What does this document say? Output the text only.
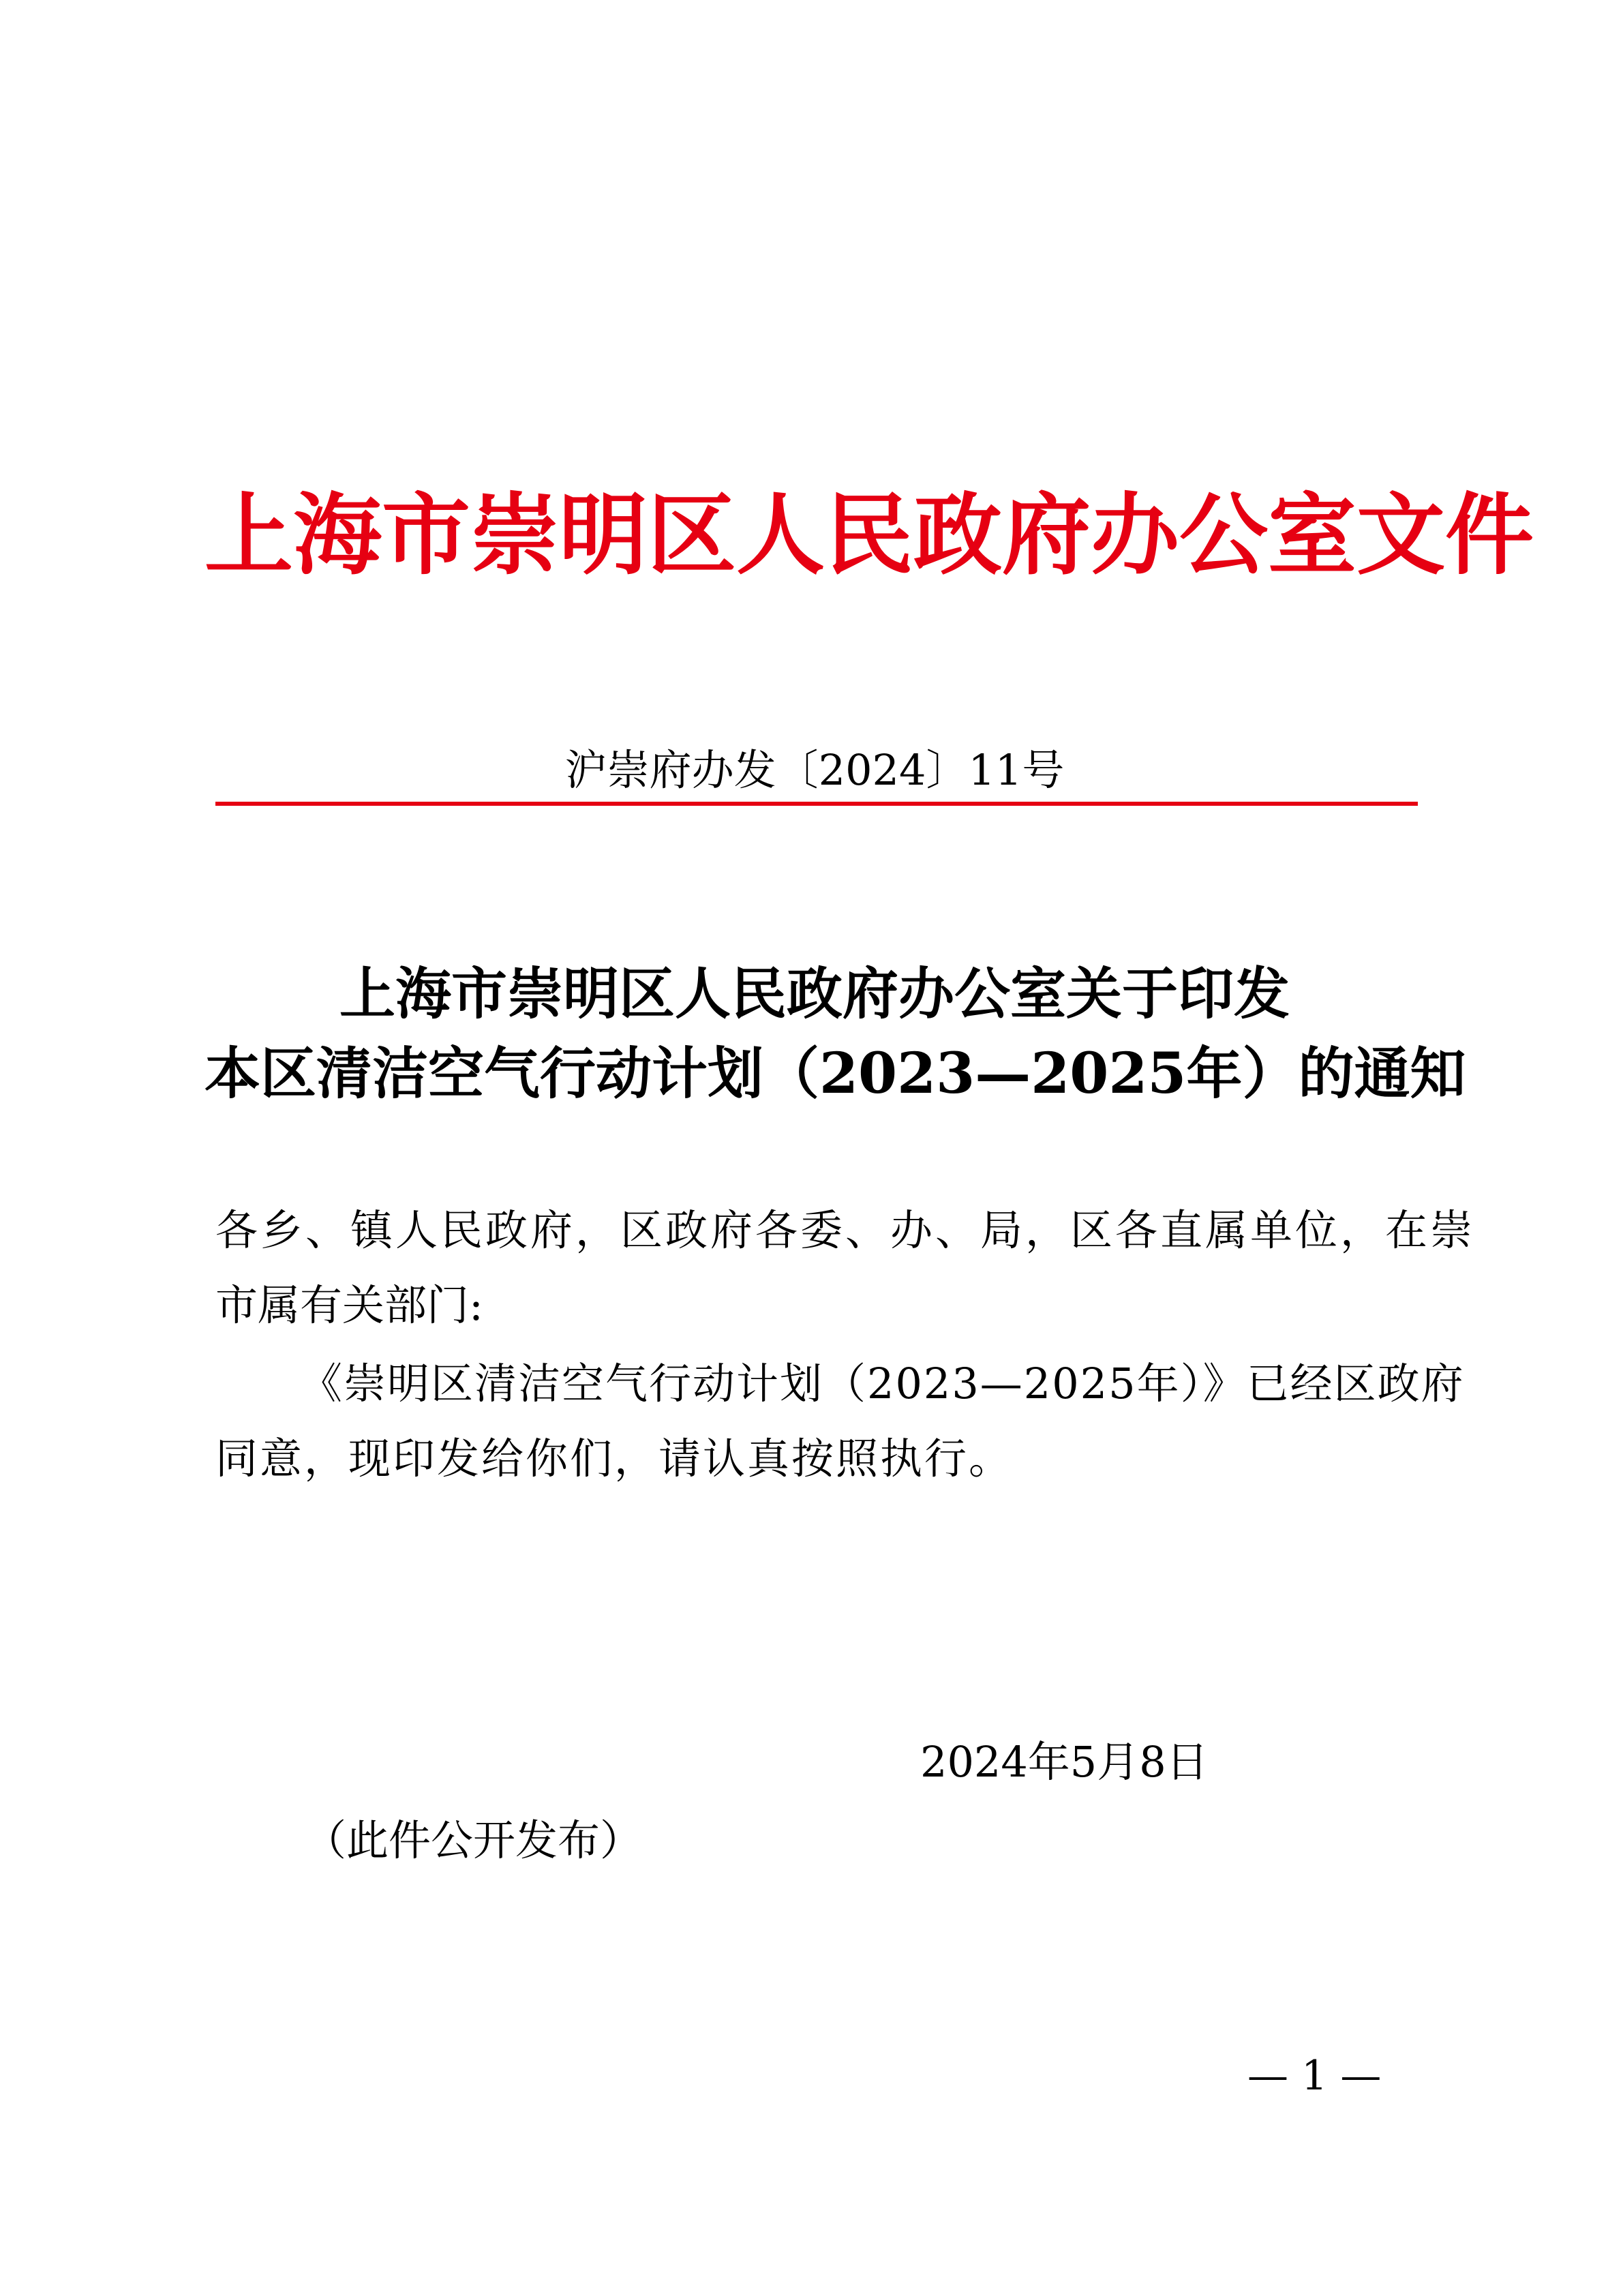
上海市崇明区人民政府办公室文件
沪崇府办发〔2024〕11号
上海市崇明区人民政府办公室关于印发
本区清洁空气行动计划（2023—2025年）的通知
各乡、镇人民政府，区政府各委、办、局，区各直属单位，在崇
市属有关部门:
《崇明区清洁空气行动计划（2023—2025年）》已经区政府
同意，现印发给你们，请认真按照执行。
2024年5月8日
（此件公开发布）
— 1 —
